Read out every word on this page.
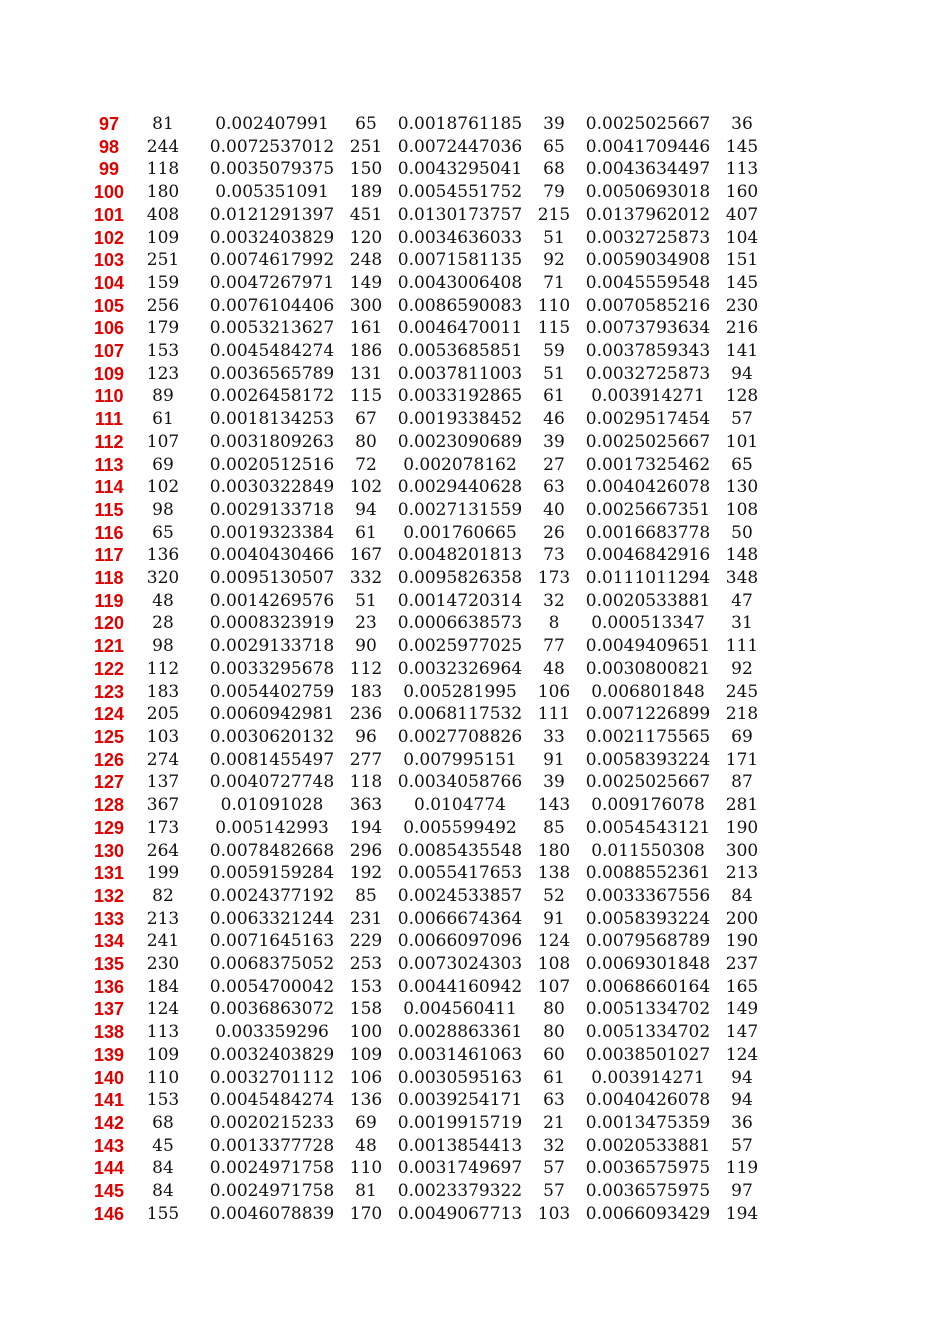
97	81	0.002407991	65	0.0018761185	39	0.0025025667	36
98	244	0.0072537012	251	0.0072447036	65	0.0041709446	145
99	118	0.0035079375	150	0.0043295041	68	0.0043634497	113
100	180	0.005351091	189	0.0054551752	79	0.0050693018	160
101	408	0.0121291397	451	0.0130173757	215	0.0137962012	407
102	109	0.0032403829	120	0.0034636033	51	0.0032725873	104
103	251	0.0074617992	248	0.0071581135	92	0.0059034908	151
104	159	0.0047267971	149	0.0043006408	71	0.0045559548	145
105	256	0.0076104406	300	0.0086590083	110	0.0070585216	230
106	179	0.0053213627	161	0.0046470011	115	0.0073793634	216
107	153	0.0045484274	186	0.0053685851	59	0.0037859343	141
109	123	0.0036565789	131	0.0037811003	51	0.0032725873	94
110	89	0.0026458172	115	0.0033192865	61	0.003914271	128
111	61	0.0018134253	67	0.0019338452	46	0.0029517454	57
112	107	0.0031809263	80	0.0023090689	39	0.0025025667	101
113	69	0.0020512516	72	0.002078162	27	0.0017325462	65
114	102	0.0030322849	102	0.0029440628	63	0.0040426078	130
115	98	0.0029133718	94	0.0027131559	40	0.0025667351	108
116	65	0.0019323384	61	0.001760665	26	0.0016683778	50
117	136	0.0040430466	167	0.0048201813	73	0.0046842916	148
118	320	0.0095130507	332	0.0095826358	173	0.0111011294	348
119	48	0.0014269576	51	0.0014720314	32	0.0020533881	47
120	28	0.0008323919	23	0.0006638573	8	0.000513347	31
121	98	0.0029133718	90	0.0025977025	77	0.0049409651	111
122	112	0.0033295678	112	0.0032326964	48	0.0030800821	92
123	183	0.0054402759	183	0.005281995	106	0.006801848	245
124	205	0.0060942981	236	0.0068117532	111	0.0071226899	218
125	103	0.0030620132	96	0.0027708826	33	0.0021175565	69
126	274	0.0081455497	277	0.007995151	91	0.0058393224	171
127	137	0.0040727748	118	0.0034058766	39	0.0025025667	87
128	367	0.01091028	363	0.0104774	143	0.009176078	281
129	173	0.005142993	194	0.005599492	85	0.0054543121	190
130	264	0.0078482668	296	0.0085435548	180	0.011550308	300
131	199	0.0059159284	192	0.0055417653	138	0.0088552361	213
132	82	0.0024377192	85	0.0024533857	52	0.0033367556	84
133	213	0.0063321244	231	0.0066674364	91	0.0058393224	200
134	241	0.0071645163	229	0.0066097096	124	0.0079568789	190
135	230	0.0068375052	253	0.0073024303	108	0.0069301848	237
136	184	0.0054700042	153	0.0044160942	107	0.0068660164	165
137	124	0.0036863072	158	0.004560411	80	0.0051334702	149
138	113	0.003359296	100	0.0028863361	80	0.0051334702	147
139	109	0.0032403829	109	0.0031461063	60	0.0038501027	124
140	110	0.0032701112	106	0.0030595163	61	0.003914271	94
141	153	0.0045484274	136	0.0039254171	63	0.0040426078	94
142	68	0.0020215233	69	0.0019915719	21	0.0013475359	36
143	45	0.0013377728	48	0.0013854413	32	0.0020533881	57
144	84	0.0024971758	110	0.0031749697	57	0.0036575975	119
145	84	0.0024971758	81	0.0023379322	57	0.0036575975	97
146	155	0.0046078839	170	0.0049067713	103	0.0066093429	194
